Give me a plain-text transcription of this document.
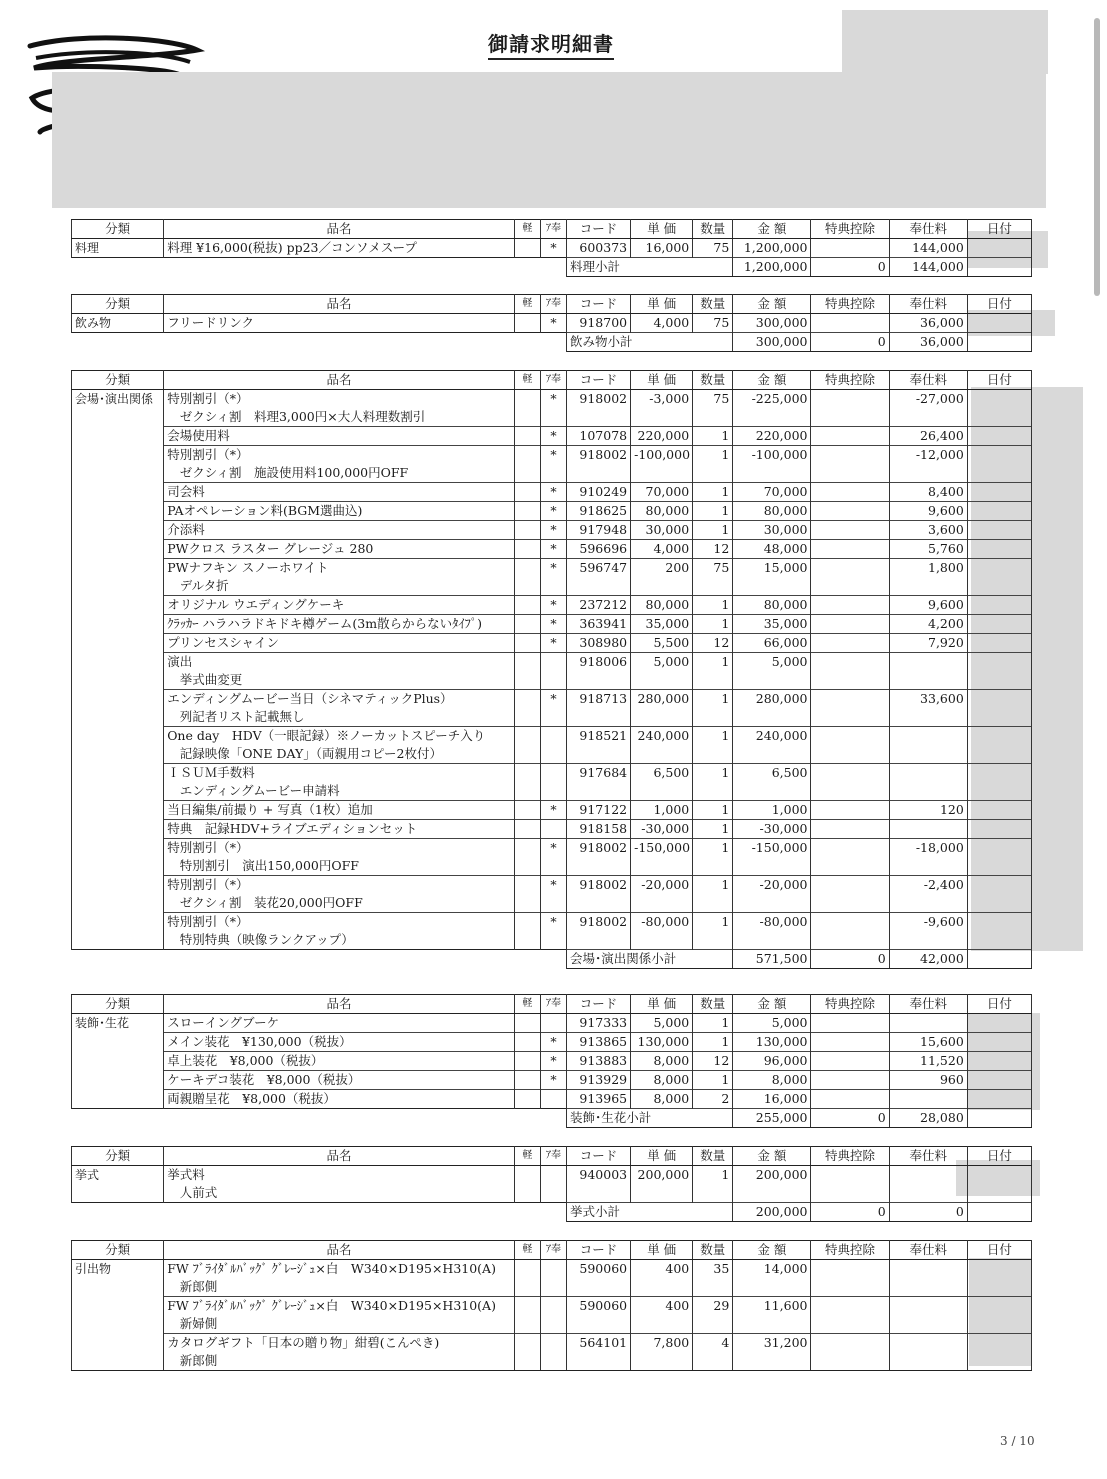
御請求明細書
分類	品名	軽	ｱ奉	コード	単 価	数量	金 額	特典控除	奉仕料	日付
料理	料理 ¥16,000(税抜) pp23／コンソメスープ		*	600373	16,000	75	1,200,000		144,000	
				料理小計			1,200,000	0	144,000	
分類	品名	軽	ｱ奉	コード	単 価	数量	金 額	特典控除	奉仕料	日付
飲み物	フリードリンク		*	918700	4,000	75	300,000		36,000	
				飲み物小計			300,000	0	36,000	
分類	品名	軽	ｱ奉	コード	単 価	数量	金 額	特典控除	奉仕料	日付
会場･演出関係	特別割引（*）		*	918002	-3,000	75	-225,000		-27,000	
	　ゼクシィ割　料理3,000円×大人料理数割引									
	会場使用料		*	107078	220,000	1	220,000		26,400	
	特別割引（*）		*	918002	-100,000	1	-100,000		-12,000	
	　ゼクシィ割　施設使用料100,000円OFF									
	司会料		*	910249	70,000	1	70,000		8,400	
	PAオペレーション料(BGM選曲込)		*	918625	80,000	1	80,000		9,600	
	介添料		*	917948	30,000	1	30,000		3,600	
	PWクロス ラスター グレージュ 280		*	596696	4,000	12	48,000		5,760	
	PWナフキン スノーホワイト		*	596747	200	75	15,000		1,800	
	　デルタ折									
	オリジナル ウエディングケーキ		*	237212	80,000	1	80,000		9,600	
	ｸﾗｯｶｰ ハラハラドキドキ樽ゲーム(3m散らからないﾀｲﾌﾟ)		*	363941	35,000	1	35,000		4,200	
	プリンセスシャイン		*	308980	5,500	12	66,000		7,920	
	演出			918006	5,000	1	5,000			
	　挙式曲変更									
	エンディングムービー当日（シネマティックPlus）		*	918713	280,000	1	280,000		33,600	
	　列記者リスト記載無し									
	One day　HDV（一眼記録）※ノーカットスピーチ入り			918521	240,000	1	240,000			
	　記録映像「ONE DAY」（両親用コピー2枚付）									
	ＩＳＵＭ手数料			917684	6,500	1	6,500			
	　エンディングムービー申請料									
	当日編集/前撮り + 写真（1枚）追加		*	917122	1,000	1	1,000		120	
	特典　記録HDV+ライブエディションセット			918158	-30,000	1	-30,000			
	特別割引（*）		*	918002	-150,000	1	-150,000		-18,000	
	　特別割引　演出150,000円OFF									
	特別割引（*）		*	918002	-20,000	1	-20,000		-2,400	
	　ゼクシィ割　装花20,000円OFF									
	特別割引（*）		*	918002	-80,000	1	-80,000		-9,600	
	　特別特典（映像ランクアップ）									
				会場･演出関係小計			571,500	0	42,000	
分類	品名	軽	ｱ奉	コード	単 価	数量	金 額	特典控除	奉仕料	日付
装飾･生花	スローイングブーケ			917333	5,000	1	5,000			
	メイン装花　¥130,000（税抜）		*	913865	130,000	1	130,000		15,600	
	卓上装花　¥8,000（税抜）		*	913883	8,000	12	96,000		11,520	
	ケーキデコ装花　¥8,000（税抜）		*	913929	8,000	1	8,000		960	
	両親贈呈花　¥8,000（税抜）			913965	8,000	2	16,000			
				装飾･生花小計			255,000	0	28,080	
分類	品名	軽	ｱ奉	コード	単 価	数量	金 額	特典控除	奉仕料	日付
挙式	挙式料			940003	200,000	1	200,000			
	　人前式									
				挙式小計			200,000	0	0	
分類	品名	軽	ｱ奉	コード	単 価	数量	金 額	特典控除	奉仕料	日付
引出物	FW ﾌﾞﾗｲﾀﾞﾙﾊﾞｯｸﾞ ｸﾞﾚｰｼﾞｭ×白　W340×D195×H310(A)			590060	400	35	14,000			
	　新郎側									
	FW ﾌﾞﾗｲﾀﾞﾙﾊﾞｯｸﾞ ｸﾞﾚｰｼﾞｭ×白　W340×D195×H310(A)			590060	400	29	11,600			
	　新婦側									
	カタログギフト「日本の贈り物」紺碧(こんぺき)			564101	7,800	4	31,200			
	　新郎側									
3 / 10
